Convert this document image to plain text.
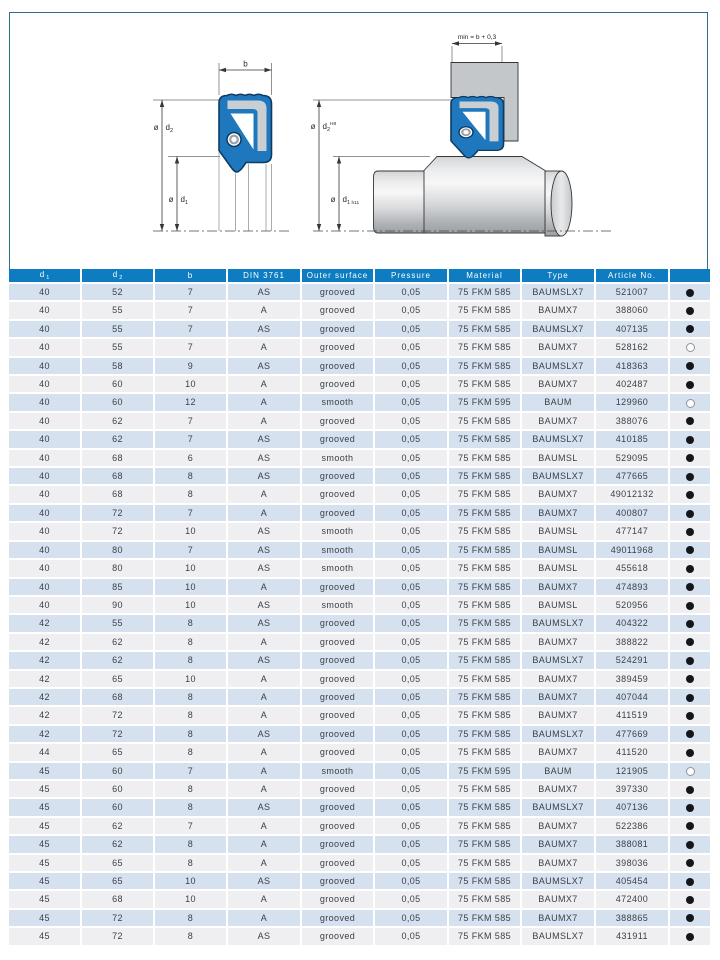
b
ø $d_2$
ø $d_1$
min = b + 0,3
ø $d_2^{H8}$
ø $d_1$ h11
$d_1$	$d_2$	b	DIN 3761	Outer surface	Pressure	Material	Type	Article No.	
40	52	7	AS	grooved	0,05	75 FKM 585	BAUMSLX7	521007	
40	55	7	A	grooved	0,05	75 FKM 585	BAUMX7	388060	
40	55	7	AS	grooved	0,05	75 FKM 585	BAUMSLX7	407135	
40	55	7	A	grooved	0,05	75 FKM 585	BAUMX7	528162	
40	58	9	AS	grooved	0,05	75 FKM 585	BAUMSLX7	418363	
40	60	10	A	grooved	0,05	75 FKM 585	BAUMX7	402487	
40	60	12	A	smooth	0,05	75 FKM 595	BAUM	129960	
40	62	7	A	grooved	0,05	75 FKM 585	BAUMX7	388076	
40	62	7	AS	grooved	0,05	75 FKM 585	BAUMSLX7	410185	
40	68	6	AS	smooth	0,05	75 FKM 585	BAUMSL	529095	
40	68	8	AS	grooved	0,05	75 FKM 585	BAUMSLX7	477665	
40	68	8	A	grooved	0,05	75 FKM 585	BAUMX7	49012132	
40	72	7	A	grooved	0,05	75 FKM 585	BAUMX7	400807	
40	72	10	AS	smooth	0,05	75 FKM 585	BAUMSL	477147	
40	80	7	AS	smooth	0,05	75 FKM 585	BAUMSL	49011968	
40	80	10	AS	smooth	0,05	75 FKM 585	BAUMSL	455618	
40	85	10	A	grooved	0,05	75 FKM 585	BAUMX7	474893	
40	90	10	AS	smooth	0,05	75 FKM 585	BAUMSL	520956	
42	55	8	AS	grooved	0,05	75 FKM 585	BAUMSLX7	404322	
42	62	8	A	grooved	0,05	75 FKM 585	BAUMX7	388822	
42	62	8	AS	grooved	0,05	75 FKM 585	BAUMSLX7	524291	
42	65	10	A	grooved	0,05	75 FKM 585	BAUMX7	389459	
42	68	8	A	grooved	0,05	75 FKM 585	BAUMX7	407044	
42	72	8	A	grooved	0,05	75 FKM 585	BAUMX7	411519	
42	72	8	AS	grooved	0,05	75 FKM 585	BAUMSLX7	477669	
44	65	8	A	grooved	0,05	75 FKM 585	BAUMX7	411520	
45	60	7	A	smooth	0,05	75 FKM 595	BAUM	121905	
45	60	8	A	grooved	0,05	75 FKM 585	BAUMX7	397330	
45	60	8	AS	grooved	0,05	75 FKM 585	BAUMSLX7	407136	
45	62	7	A	grooved	0,05	75 FKM 585	BAUMX7	522386	
45	62	8	A	grooved	0,05	75 FKM 585	BAUMX7	388081	
45	65	8	A	grooved	0,05	75 FKM 585	BAUMX7	398036	
45	65	10	AS	grooved	0,05	75 FKM 585	BAUMSLX7	405454	
45	68	10	A	grooved	0,05	75 FKM 585	BAUMX7	472400	
45	72	8	A	grooved	0,05	75 FKM 585	BAUMX7	388865	
45	72	8	AS	grooved	0,05	75 FKM 585	BAUMSLX7	431911	
